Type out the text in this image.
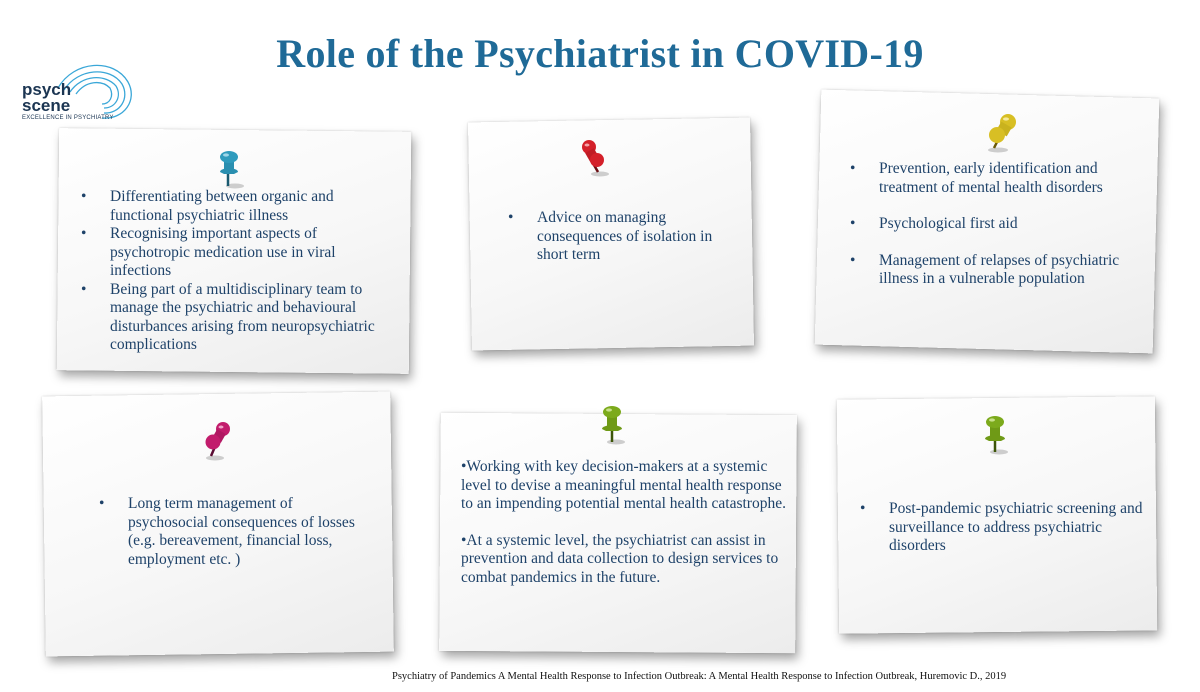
Role of the Psychiatrist in COVID-19
psych
scene
EXCELLENCE IN PSYCHIATRY
• Differentiating between organic and functional psychiatric illness
• Recognising important aspects of psychotropic medication use in viral infections
• Being part of a multidisciplinary team to manage the psychiatric and behavioural disturbances arising from neuropsychiatric complications
• Advice on managing consequences of isolation in short term
• Prevention, early identification and treatment of mental health disorders
• Psychological first aid
• Management of relapses of psychiatric illness in a vulnerable population
• Long term management of psychosocial consequences of losses (e.g. bereavement, financial loss, employment etc. )

•Working with key decision-makers at a systemic level to devise a meaningful mental health response to an impending potential mental health catastrophe.

•At a systemic level, the psychiatrist can assist in prevention and data collection to design services to combat pandemics in the future.

• Post-pandemic psychiatric screening and surveillance to address psychiatric disorders
Psychiatry of Pandemics A Mental Health Response to Infection Outbreak: A Mental Health Response to Infection Outbreak, Huremovic D., 2019
